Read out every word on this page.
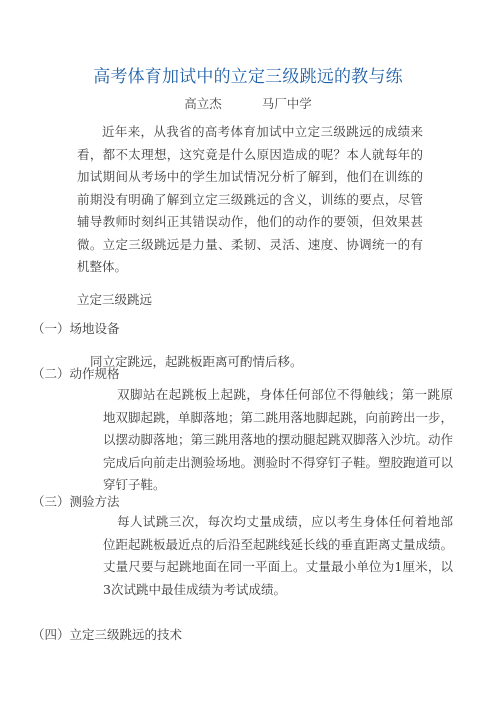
高考体育加试中的立定三级跳远的教与练
高立杰	马厂中学

近年来，从我省的高考体育加试中立定三级跳远的成绩来看，都不太理想，这究竟是什么原因造成的呢？本人就每年的加试期间从考场中的学生加试情况分析了解到，他们在训练的前期没有明确了解到立定三级跳远的含义，训练的要点，尽管辅导教师时刻纠正其错误动作，他们的动作的要领，但效果甚微。立定三级跳远是力量、柔韧、灵活、速度、协调统一的有机整体。

立定三级跳远

（一）场地设备

同立定跳远，起跳板距离可酌情后移。

（二）动作规格

双脚站在起跳板上起跳，身体任何部位不得触线；第一跳原地双脚起跳，单脚落地；第二跳用落地脚起跳，向前跨出一步，以摆动脚落地；第三跳用落地的摆动腿起跳双脚落入沙坑。动作完成后向前走出测验场地。测验时不得穿钉子鞋。塑胶跑道可以穿钉子鞋。

（三）测验方法

每人试跳三次，每次均丈量成绩，应以考生身体任何着地部位距起跳板最近点的后沿至起跳线延长线的垂直距离丈量成绩。丈量尺要与起跳地面在同一平面上。丈量最小单位为1厘米，以3次试跳中最佳成绩为考试成绩。

（四）立定三级跳远的技术
